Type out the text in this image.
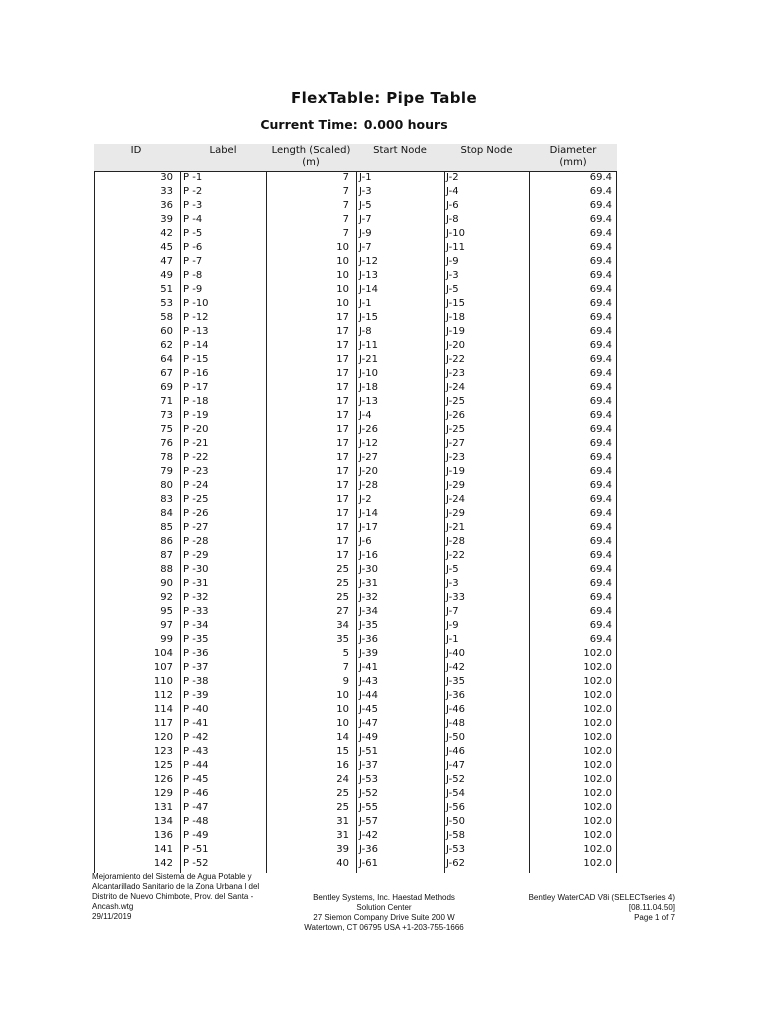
FlexTable: Pipe Table
Current Time: 0.000 hours
ID	Label	Length (Scaled)
(m)
Start Node	Stop Node	Diameter
(mm)
30 P -1	7 J-1	J-2	69.4
33 P -2	7 J-3	J-4	69.4
36 P -3	7 J-5	J-6	69.4
39 P -4	7 J-7	J-8	69.4
42 P -5	7 J-9	J-10	69.4
45 P -6	10 J-7	J-11	69.4
47 P -7	10 J-12	J-9	69.4
49 P -8	10 J-13	J-3	69.4
51 P -9	10 J-14	J-5	69.4
53 P -10	10 J-1	J-15	69.4
58 P -12	17 J-15	J-18	69.4
60 P -13	17 J-8	J-19	69.4
62 P -14	17 J-11	J-20	69.4
64 P -15	17 J-21	J-22	69.4
67 P -16	17 J-10	J-23	69.4
69 P -17	17 J-18	J-24	69.4
71 P -18	17 J-13	J-25	69.4
73 P -19	17 J-4	J-26	69.4
75 P -20	17 J-26	J-25	69.4
76 P -21	17 J-12	J-27	69.4
78 P -22	17 J-27	J-23	69.4
79 P -23	17 J-20	J-19	69.4
80 P -24	17 J-28	J-29	69.4
83 P -25	17 J-2	J-24	69.4
84 P -26	17 J-14	J-29	69.4
85 P -27	17 J-17	J-21	69.4
86 P -28	17 J-6	J-28	69.4
87 P -29	17 J-16	J-22	69.4
88 P -30	25 J-30	J-5	69.4
90 P -31	25 J-31	J-3	69.4
92 P -32	25 J-32	J-33	69.4
95 P -33	27 J-34	J-7	69.4
97 P -34	34 J-35	J-9	69.4
99 P -35	35 J-36	J-1	69.4
104 P -36	5 J-39	J-40	102.0
107 P -37	7 J-41	J-42	102.0
110 P -38	9 J-43	J-35	102.0
112 P -39	10 J-44	J-36	102.0
114 P -40	10 J-45	J-46	102.0
117 P -41	10 J-47	J-48	102.0
120 P -42	14 J-49	J-50	102.0
123 P -43	15 J-51	J-46	102.0
125 P -44	16 J-37	J-47	102.0
126 P -45	24 J-53	J-52	102.0
129 P -46	25 J-52	J-54	102.0
131 P -47	25 J-55	J-56	102.0
134 P -48	31 J-57	J-50	102.0
136 P -49	31 J-42	J-58	102.0
141 P -51	39 J-36	J-53	102.0
142 P -52	40 J-61	J-62	102.0
Mejoramiento del Sistema de Agua Potable y
Alcantarillado Sanitario de la Zona Urbana l del
Distrito de Nuevo Chimbote, Prov. del Santa -
Ancash.wtg
29/11/2019
Bentley Systems, Inc. Haestad Methods
Solution Center
27 Siemon Company Drive Suite 200 W
Watertown, CT 06795 USA +1-203-755-1666
Bentley WaterCAD V8i (SELECTseries 4)
[08.11.04.50]
Page 1 of 7
